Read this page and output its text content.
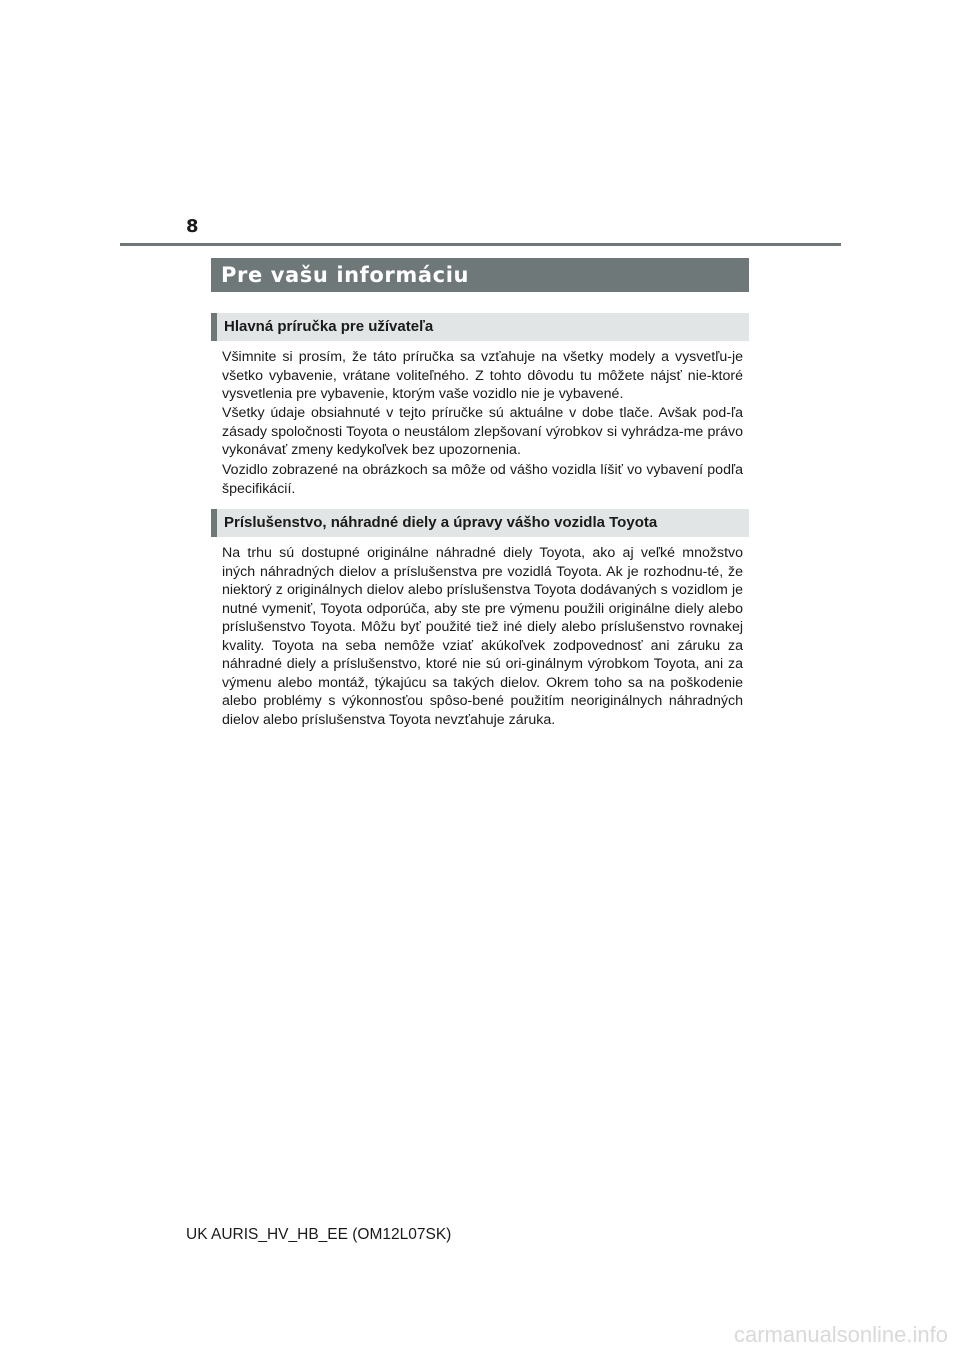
8
Pre vašu informáciu
Hlavná príručka pre užívateľa

Všimnite si prosím, že táto príručka sa vzťahuje na všetky modely a vysvetľu-je všetko vybavenie, vrátane voliteľného. Z tohto dôvodu tu môžete nájsť nie-ktoré vysvetlenia pre vybavenie, ktorým vaše vozidlo nie je vybavené.

Všetky údaje obsiahnuté v tejto príručke sú aktuálne v dobe tlače. Avšak pod-ľa zásady spoločnosti Toyota o neustálom zlepšovaní výrobkov si vyhrádza-me právo vykonávať zmeny kedykoľvek bez upozornenia.

Vozidlo zobrazené na obrázkoch sa môže od vášho vozidla líšiť vo vybavení podľa špecifikácií.

Príslušenstvo, náhradné diely a úpravy vášho vozidla Toyota

Na trhu sú dostupné originálne náhradné diely Toyota, ako aj veľké množstvo iných náhradných dielov a príslušenstva pre vozidlá Toyota. Ak je rozhodnu-té, že niektorý z originálnych dielov alebo príslušenstva Toyota dodávaných s vozidlom je nutné vymeniť, Toyota odporúča, aby ste pre výmenu použili originálne diely alebo príslušenstvo Toyota. Môžu byť použité tiež iné diely alebo príslušenstvo rovnakej kvality. Toyota na seba nemôže vziať akúkoľvek zodpovednosť ani záruku za náhradné diely a príslušenstvo, ktoré nie sú ori-ginálnym výrobkom Toyota, ani za výmenu alebo montáž, týkajúcu sa takých dielov. Okrem toho sa na poškodenie alebo problémy s výkonnosťou spôso-bené použitím neoriginálnych náhradných dielov alebo príslušenstva Toyota nevzťahuje záruka.

UK AURIS_HV_HB_EE (OM12L07SK)
carmanualsonline.info
